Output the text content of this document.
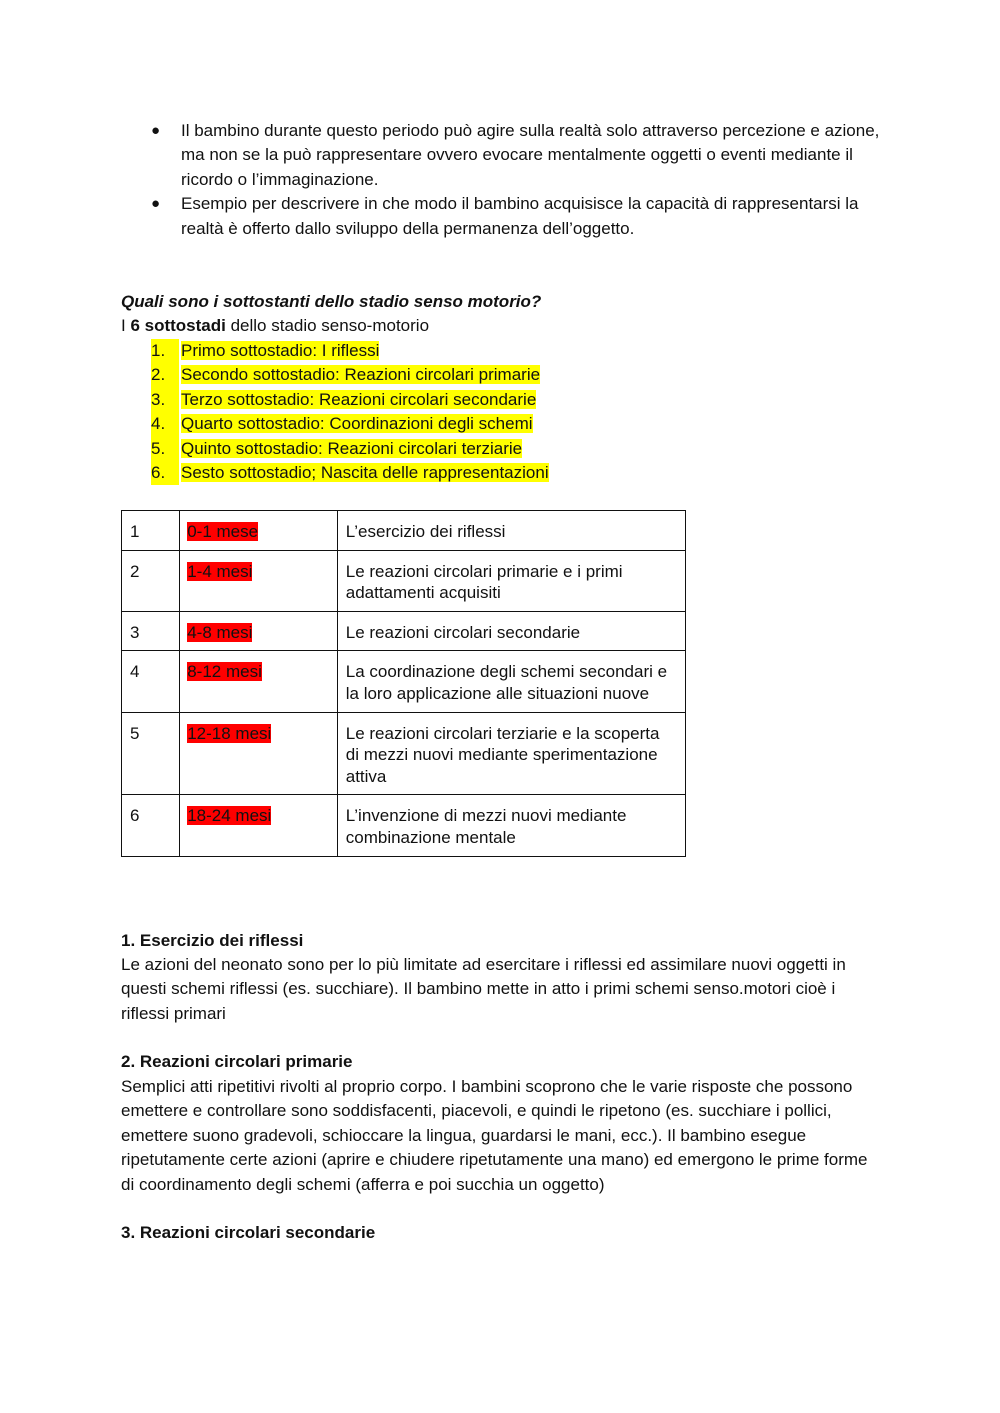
● Il bambino durante questo periodo può agire sulla realtà solo attraverso percezione e azione, ma non se la può rappresentare ovvero evocare mentalmente oggetti o eventi mediante il ricordo o l’immaginazione.
● Esempio per descrivere in che modo il bambino acquisisce la capacità di rappresentarsi la realtà è offerto dallo sviluppo della permanenza dell’oggetto.
Quali sono i sottostanti dello stadio senso motorio?
I 6 sottostadi dello stadio senso-motorio
1. Primo sottostadio: I riflessi
2. Secondo sottostadio: Reazioni circolari primarie
3. Terzo sottostadio: Reazioni circolari secondarie
4. Quarto sottostadio: Coordinazioni degli schemi
5. Quinto sottostadio: Reazioni circolari terziarie
6. Sesto sottostadio; Nascita delle rappresentazioni
1	0-1 mese	L’esercizio dei riflessi
2	1-4 mesi	Le reazioni circolari primarie e i primi adattamenti acquisiti
3	4-8 mesi	Le reazioni circolari secondarie
4	8-12 mesi	La coordinazione degli schemi secondari e la loro applicazione alle situazioni nuove
5	12-18 mesi	Le reazioni circolari terziarie e la scoperta di mezzi nuovi mediante sperimentazione attiva
6	18-24 mesi	L’invenzione di mezzi nuovi mediante combinazione mentale
1. Esercizio dei riflessi
Le azioni del neonato sono per lo più limitate ad esercitare i riflessi ed assimilare nuovi oggetti in questi schemi riflessi (es. succhiare). Il bambino mette in atto i primi schemi senso.motori cioè i riflessi primari
2. Reazioni circolari primarie
Semplici atti ripetitivi rivolti al proprio corpo. I bambini scoprono che le varie risposte che possono emettere e controllare sono soddisfacenti, piacevoli, e quindi le ripetono (es. succhiare i pollici, emettere suono gradevoli, schioccare la lingua, guardarsi le mani, ecc.). Il bambino esegue ripetutamente certe azioni (aprire e chiudere ripetutamente una mano) ed emergono le prime forme di coordinamento degli schemi (afferra e poi succhia un oggetto)
3. Reazioni circolari secondarie
